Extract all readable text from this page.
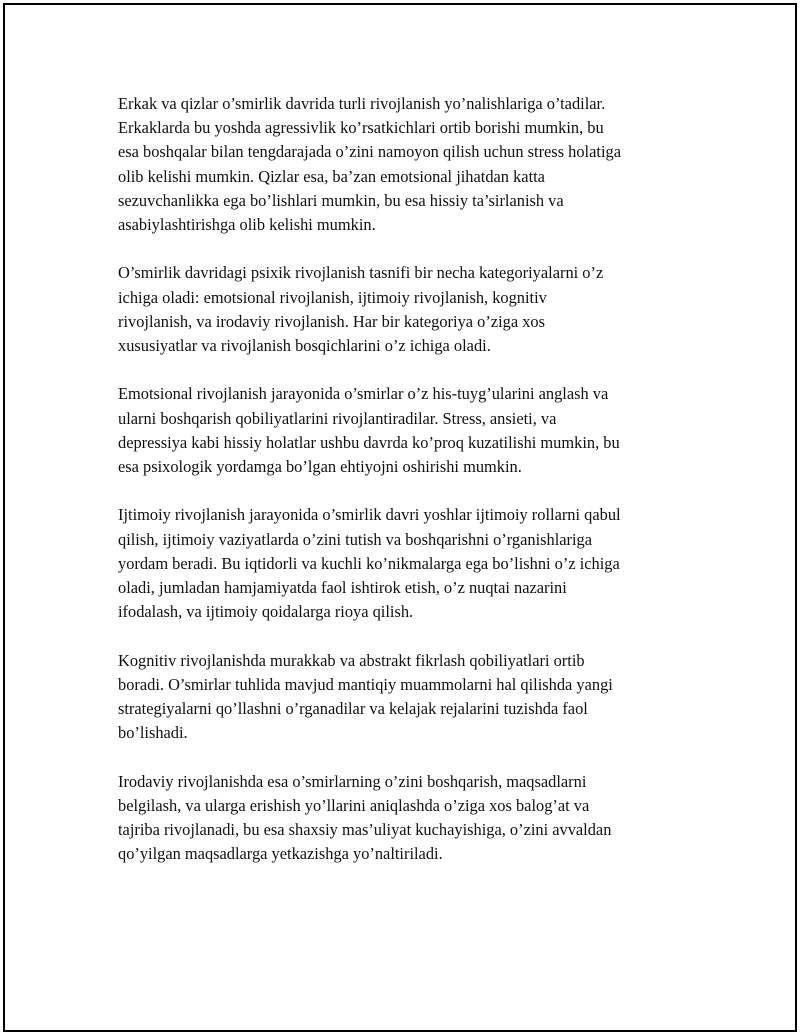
Erkak va qizlar o’smirlik davrida turli rivojlanish yo’nalishlariga o’tadilar.
Erkaklarda bu yoshda agressivlik ko’rsatkichlari ortib borishi mumkin, bu
esa boshqalar bilan tengdarajada o’zini namoyon qilish uchun stress holatiga
olib kelishi mumkin. Qizlar esa, ba’zan emotsional jihatdan katta
sezuvchanlikka ega bo’lishlari mumkin, bu esa hissiy ta’sirlanish va
asabiylashtirishga olib kelishi mumkin.

O’smirlik davridagi psixik rivojlanish tasnifi bir necha kategoriyalarni o’z
ichiga oladi: emotsional rivojlanish, ijtimoiy rivojlanish, kognitiv
rivojlanish, va irodaviy rivojlanish. Har bir kategoriya o’ziga xos
xususiyatlar va rivojlanish bosqichlarini o’z ichiga oladi.

Emotsional rivojlanish jarayonida o’smirlar o’z his-tuyg’ularini anglash va
ularni boshqarish qobiliyatlarini rivojlantiradilar. Stress, ansieti, va
depressiya kabi hissiy holatlar ushbu davrda ko’proq kuzatilishi mumkin, bu
esa psixologik yordamga bo’lgan ehtiyojni oshirishi mumkin.

Ijtimoiy rivojlanish jarayonida o’smirlik davri yoshlar ijtimoiy rollarni qabul
qilish, ijtimoiy vaziyatlarda o’zini tutish va boshqarishni o’rganishlariga
yordam beradi. Bu iqtidorli va kuchli ko’nikmalarga ega bo’lishni o’z ichiga
oladi, jumladan hamjamiyatda faol ishtirok etish, o’z nuqtai nazarini
ifodalash, va ijtimoiy qoidalarga rioya qilish.

Kognitiv rivojlanishda murakkab va abstrakt fikrlash qobiliyatlari ortib
boradi. O’smirlar tuhlida mavjud mantiqiy muammolarni hal qilishda yangi
strategiyalarni qo’llashni o’rganadilar va kelajak rejalarini tuzishda faol
bo’lishadi.

Irodaviy rivojlanishda esa o’smirlarning o’zini boshqarish, maqsadlarni
belgilash, va ularga erishish yo’llarini aniqlashda o’ziga xos balog’at va
tajriba rivojlanadi, bu esa shaxsiy mas’uliyat kuchayishiga, o’zini avvaldan
qo’yilgan maqsadlarga yetkazishga yo’naltiriladi.
